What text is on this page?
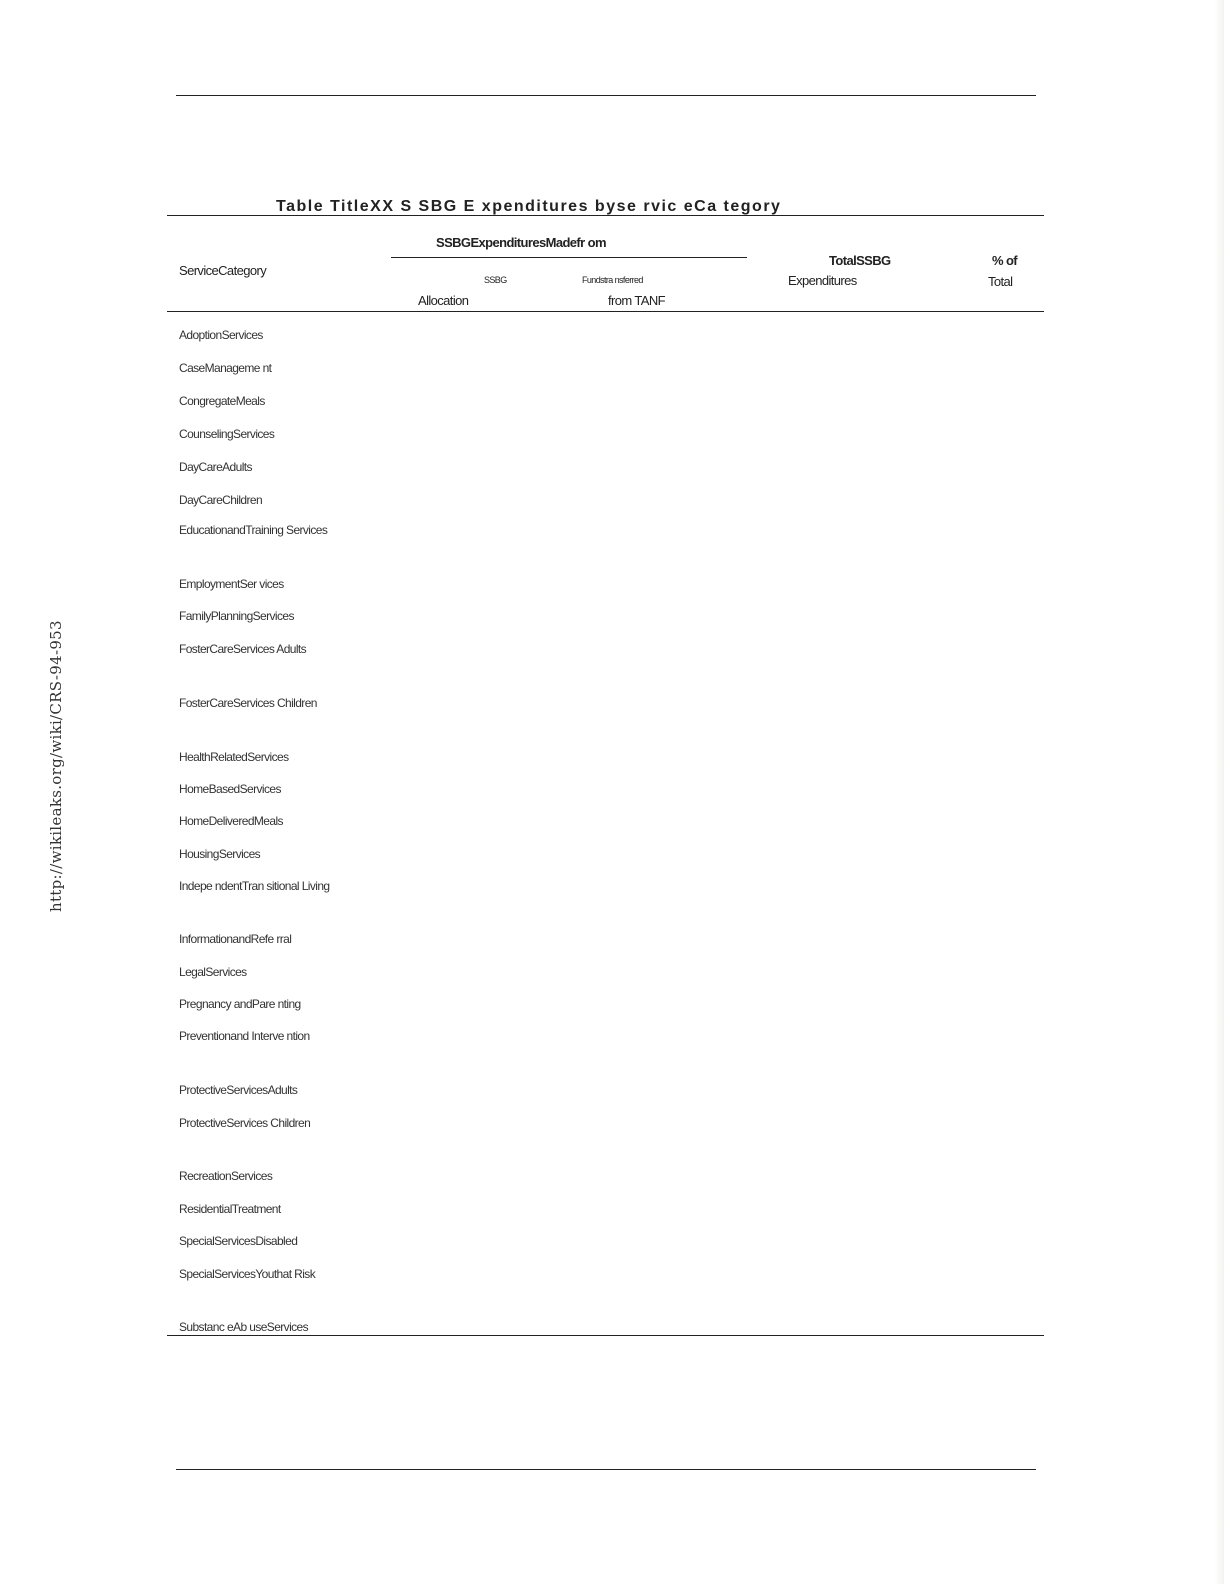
http://wikileaks.org/wiki/CRS-94-953
Table TitleXX S SBG E xpenditures byse rvic eCa tegory
ServiceCategory
SSBGExpendituresMadefr om
SSBG
Allocation
Fundstra nsferred
from TANF
TotalSSBG
Expenditures
% of
Total
AdoptionServices
CaseManageme nt
CongregateMeals
CounselingServices
DayCareAdults
DayCareChildren
EducationandTraining Services
EmploymentSer vices
FamilyPlanningServices
FosterCareServices Adults
FosterCareServices Children
HealthRelatedServices
HomeBasedServices
HomeDeliveredMeals
HousingServices
Indepe ndentTran sitional Living
InformationandRefe rral
LegalServices
Pregnancy andPare nting
Preventionand Interve ntion
ProtectiveServicesAdults
ProtectiveServices Children
RecreationServices
ResidentialTreatment
SpecialServicesDisabled
SpecialServicesYouthat Risk
Substanc eAb useServices
